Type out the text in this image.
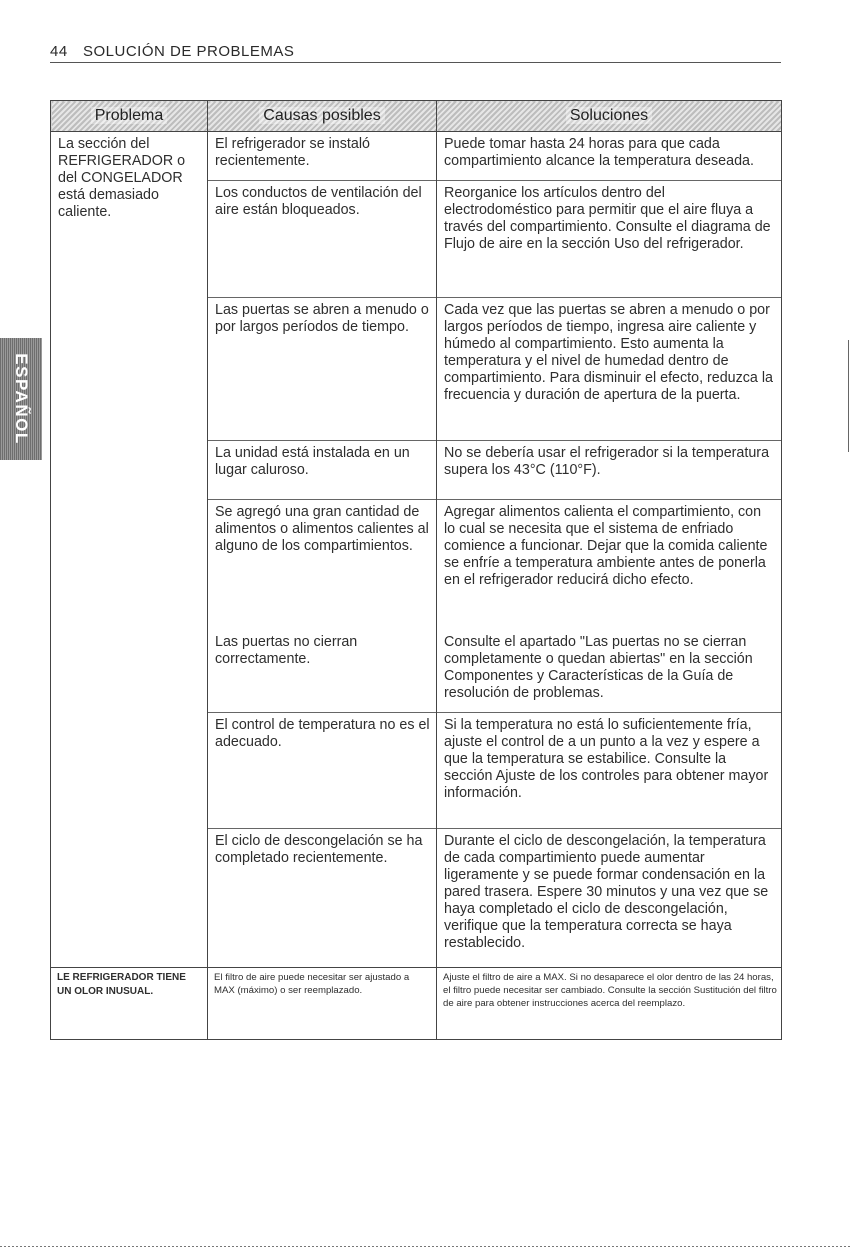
44 SOLUCIÓN DE PROBLEMAS
ESPAÑOL
Problema	Causas posibles	Soluciones
La sección del REFRIGERADOR o del CONGELADOR está demasiado caliente.	El refrigerador se instaló recientemente.	Puede tomar hasta 24 horas para que cada compartimiento alcance la temperatura deseada.
	Los conductos de ventilación del aire están bloqueados.	Reorganice los artículos dentro del electrodoméstico para permitir que el aire fluya a través del compartimiento. Consulte el diagrama de Flujo de aire en la sección Uso del refrigerador.
	Las puertas se abren a menudo o por largos períodos de tiempo.	Cada vez que las puertas se abren a menudo o por largos períodos de tiempo, ingresa aire caliente y húmedo al compartimiento. Esto aumenta la temperatura y el nivel de humedad dentro de compartimiento. Para disminuir el efecto, reduzca la frecuencia y duración de apertura de la puerta.
	La unidad está instalada en un lugar caluroso.	No se debería usar el refrigerador si la temperatura supera los 43°C (110°F).
	Se agregó una gran cantidad de alimentos o alimentos calientes al alguno de los compartimientos.	Agregar alimentos calienta el compartimiento, con lo cual se necesita que el sistema de enfriado comience a funcionar. Dejar que la comida caliente se enfríe a temperatura ambiente antes de ponerla en el refrigerador reducirá dicho efecto.
	Las puertas no cierran correctamente.	Consulte el apartado "Las puertas no se cierran completamente o quedan abiertas" en la sección Componentes y Características de la Guía de resolución de problemas.
	El control de temperatura no es el adecuado.	Si la temperatura no está lo suficientemente fría, ajuste el control de a un punto a la vez y espere a que la temperatura se estabilice. Consulte la sección Ajuste de los controles para obtener mayor información.
	El ciclo de descongelación se ha completado recientemente.	Durante el ciclo de descongelación, la temperatura de cada compartimiento puede aumentar ligeramente y se puede formar condensación en la pared trasera. Espere 30 minutos y una vez que se haya completado el ciclo de descongelación, verifique que la temperatura correcta se haya restablecido.
LE REFRIGERADOR TIENE UN OLOR INUSUAL.	El filtro de aire puede necesitar ser ajustado a MAX (máximo) o ser reemplazado.	Ajuste el filtro de aire a MAX. Si no desaparece el olor dentro de las 24 horas, el filtro puede necesitar ser cambiado. Consulte la sección Sustitución del filtro de aire para obtener instrucciones acerca del reemplazo.
